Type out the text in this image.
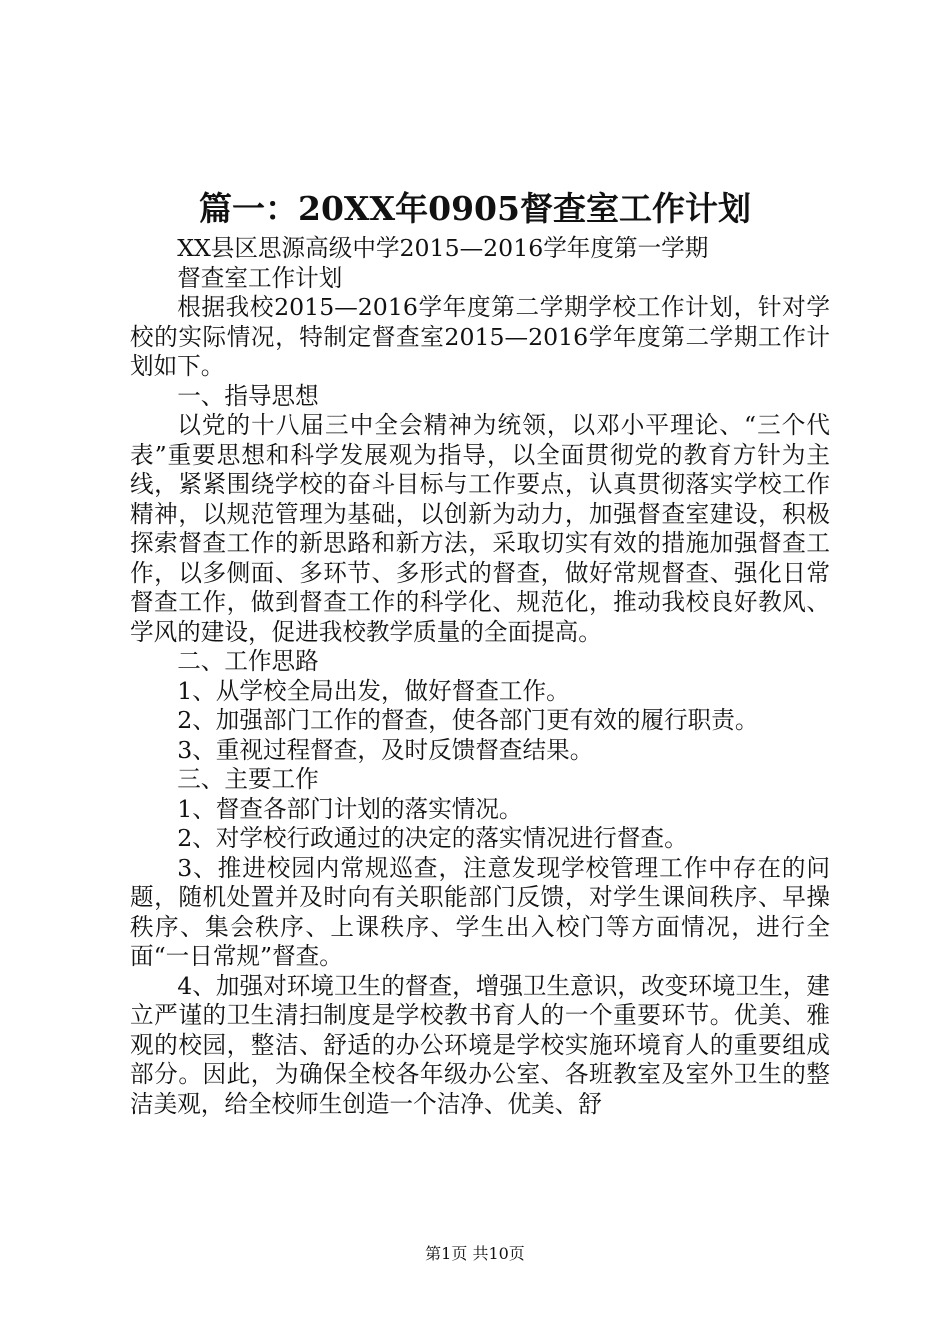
篇一：20XX年0905督查室工作计划

XX县区思源高级中学2015—2016学年度第一学期

督查室工作计划

根据我校2015—2016学年度第二学期学校工作计划，针对学校的实际情况，特制定督查室2015—2016学年度第二学期工作计划如下。

一、指导思想

以党的十八届三中全会精神为统领，以邓小平理论、“三个代表”重要思想和科学发展观为指导，以全面贯彻党的教育方针为主线，紧紧围绕学校的奋斗目标与工作要点，认真贯彻落实学校工作精神，以规范管理为基础，以创新为动力，加强督查室建设，积极探索督查工作的新思路和新方法，采取切实有效的措施加强督查工作，以多侧面、多环节、多形式的督查，做好常规督查、强化日常督查工作，做到督查工作的科学化、规范化，推动我校良好教风、学风的建设，促进我校教学质量的全面提高。

二、工作思路

1、从学校全局出发，做好督查工作。

2、加强部门工作的督查，使各部门更有效的履行职责。

3、重视过程督查，及时反馈督查结果。

三、主要工作

1、督查各部门计划的落实情况。

2、对学校行政通过的决定的落实情况进行督查。

3、推进校园内常规巡查，注意发现学校管理工作中存在的问题，随机处置并及时向有关职能部门反馈，对学生课间秩序、早操秩序、集会秩序、上课秩序、学生出入校门等方面情况，进行全面“一日常规”督查。

4、加强对环境卫生的督查，增强卫生意识，改变环境卫生，建立严谨的卫生清扫制度是学校教书育人的一个重要环节。优美、雅观的校园，整洁、舒适的办公环境是学校实施环境育人的重要组成部分。因此，为确保全校各年级办公室、各班教室及室外卫生的整洁美观，给全校师生创造一个洁净、优美、舒

第1页 共10页
